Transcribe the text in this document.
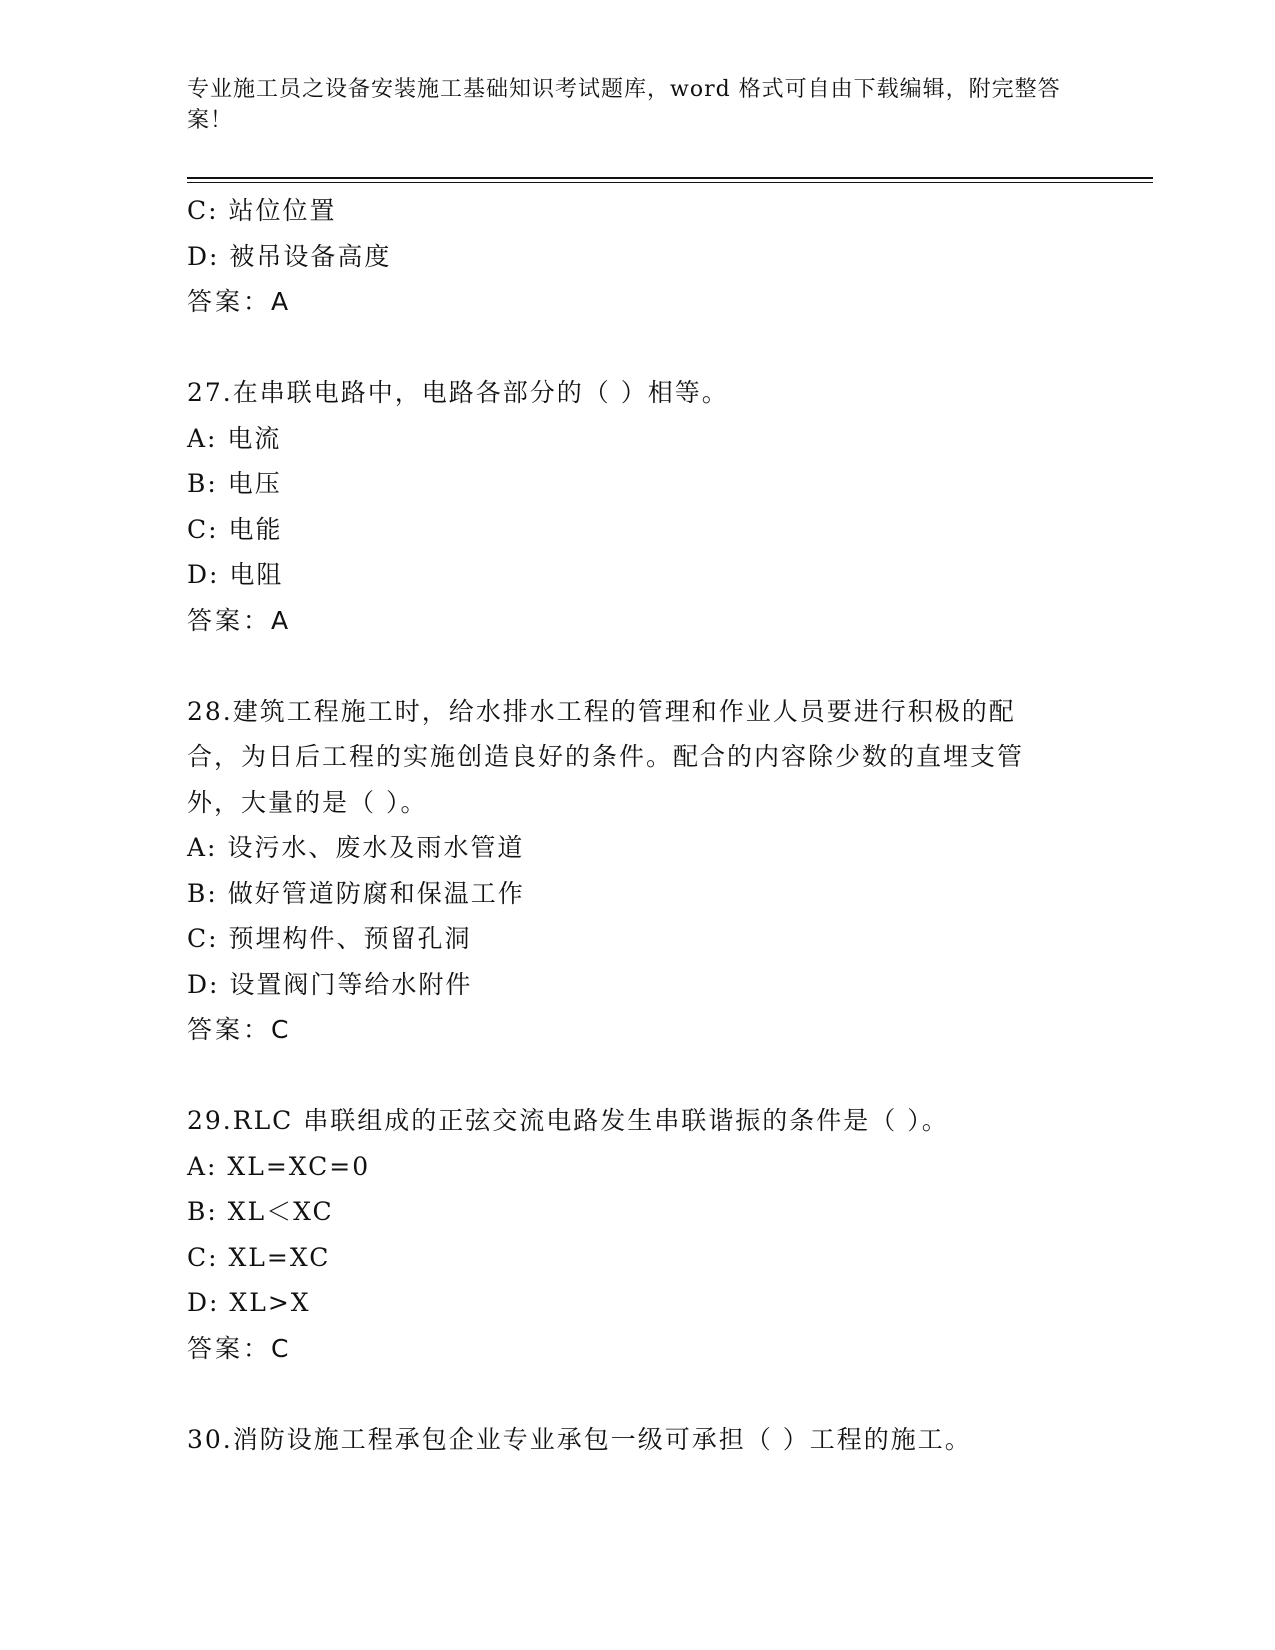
专业施工员之设备安装施工基础知识考试题库，word 格式可自由下载编辑，附完整答案！
C: 站位位置
D: 被吊设备高度
答案：A
27.在串联电路中，电路各部分的（ ）相等。
A: 电流
B: 电压
C: 电能
D: 电阻
答案：A
28.建筑工程施工时，给水排水工程的管理和作业人员要进行积极的配合，为日后工程的实施创造良好的条件。配合的内容除少数的直埋支管外，大量的是（ ）。
A: 设污水、废水及雨水管道
B: 做好管道防腐和保温工作
C: 预埋构件、预留孔洞
D: 设置阀门等给水附件
答案：C
29.RLC 串联组成的正弦交流电路发生串联谐振的条件是（ ）。
A: XL=XC=0
B: XL＜XC
C: XL=XC
D: XL>X
答案：C
30.消防设施工程承包企业专业承包一级可承担（ ）工程的施工。
